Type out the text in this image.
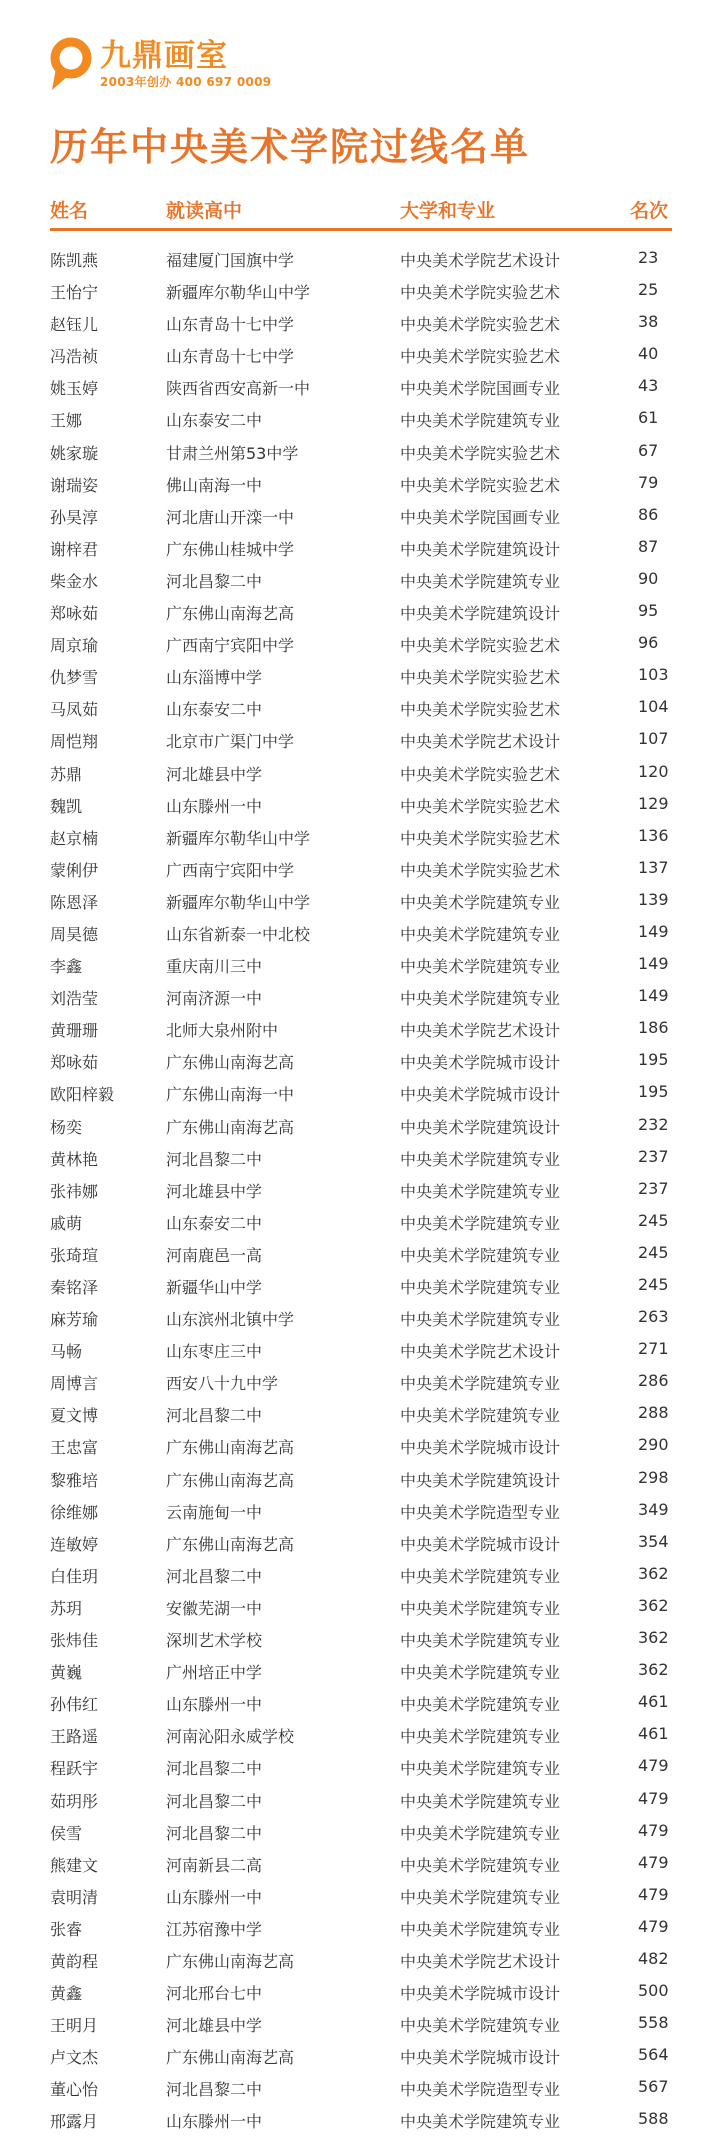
九鼎画室
2003年创办 400 697 0009
历年中央美术学院过线名单
姓名	就读高中	大学和专业	名次
陈凯燕	福建厦门国旗中学	中央美术学院艺术设计	23
王怡宁	新疆库尔勒华山中学	中央美术学院实验艺术	25
赵钰儿	山东青岛十七中学	中央美术学院实验艺术	38
冯浩祯	山东青岛十七中学	中央美术学院实验艺术	40
姚玉婷	陕西省西安高新一中	中央美术学院国画专业	43
王娜	山东泰安二中	中央美术学院建筑专业	61
姚家璇	甘肃兰州第53中学	中央美术学院实验艺术	67
谢瑞姿	佛山南海一中	中央美术学院实验艺术	79
孙昊淳	河北唐山开滦一中	中央美术学院国画专业	86
谢梓君	广东佛山桂城中学	中央美术学院建筑设计	87
柴金水	河北昌黎二中	中央美术学院建筑专业	90
郑咏茹	广东佛山南海艺高	中央美术学院建筑设计	95
周京瑜	广西南宁宾阳中学	中央美术学院实验艺术	96
仇梦雪	山东淄博中学	中央美术学院实验艺术	103
马凤茹	山东泰安二中	中央美术学院实验艺术	104
周恺翔	北京市广渠门中学	中央美术学院艺术设计	107
苏鼎	河北雄县中学	中央美术学院实验艺术	120
魏凯	山东滕州一中	中央美术学院实验艺术	129
赵京楠	新疆库尔勒华山中学	中央美术学院实验艺术	136
蒙俐伊	广西南宁宾阳中学	中央美术学院实验艺术	137
陈恩泽	新疆库尔勒华山中学	中央美术学院建筑专业	139
周昊德	山东省新泰一中北校	中央美术学院建筑专业	149
李鑫	重庆南川三中	中央美术学院建筑专业	149
刘浩莹	河南济源一中	中央美术学院建筑专业	149
黄珊珊	北师大泉州附中	中央美术学院艺术设计	186
郑咏茹	广东佛山南海艺高	中央美术学院城市设计	195
欧阳梓毅	广东佛山南海一中	中央美术学院城市设计	195
杨奕	广东佛山南海艺高	中央美术学院建筑设计	232
黄林艳	河北昌黎二中	中央美术学院建筑专业	237
张祎娜	河北雄县中学	中央美术学院建筑专业	237
戚萌	山东泰安二中	中央美术学院建筑专业	245
张琦瑄	河南鹿邑一高	中央美术学院建筑专业	245
秦铭泽	新疆华山中学	中央美术学院建筑专业	245
麻芳瑜	山东滨州北镇中学	中央美术学院建筑专业	263
马畅	山东枣庄三中	中央美术学院艺术设计	271
周博言	西安八十九中学	中央美术学院建筑专业	286
夏文博	河北昌黎二中	中央美术学院建筑专业	288
王忠富	广东佛山南海艺高	中央美术学院城市设计	290
黎雅培	广东佛山南海艺高	中央美术学院建筑设计	298
徐维娜	云南施甸一中	中央美术学院造型专业	349
连敏婷	广东佛山南海艺高	中央美术学院城市设计	354
白佳玥	河北昌黎二中	中央美术学院建筑专业	362
苏玥	安徽芜湖一中	中央美术学院建筑专业	362
张炜佳	深圳艺术学校	中央美术学院建筑专业	362
黄巍	广州培正中学	中央美术学院建筑专业	362
孙伟红	山东滕州一中	中央美术学院建筑专业	461
王路遥	河南沁阳永威学校	中央美术学院建筑专业	461
程跃宇	河北昌黎二中	中央美术学院建筑专业	479
茹玥彤	河北昌黎二中	中央美术学院建筑专业	479
侯雪	河北昌黎二中	中央美术学院建筑专业	479
熊建文	河南新县二高	中央美术学院建筑专业	479
袁明清	山东滕州一中	中央美术学院建筑专业	479
张睿	江苏宿豫中学	中央美术学院建筑专业	479
黄韵程	广东佛山南海艺高	中央美术学院艺术设计	482
黄鑫	河北邢台七中	中央美术学院城市设计	500
王明月	河北雄县中学	中央美术学院建筑专业	558
卢文杰	广东佛山南海艺高	中央美术学院城市设计	564
董心怡	河北昌黎二中	中央美术学院造型专业	567
邢露月	山东滕州一中	中央美术学院建筑专业	588
